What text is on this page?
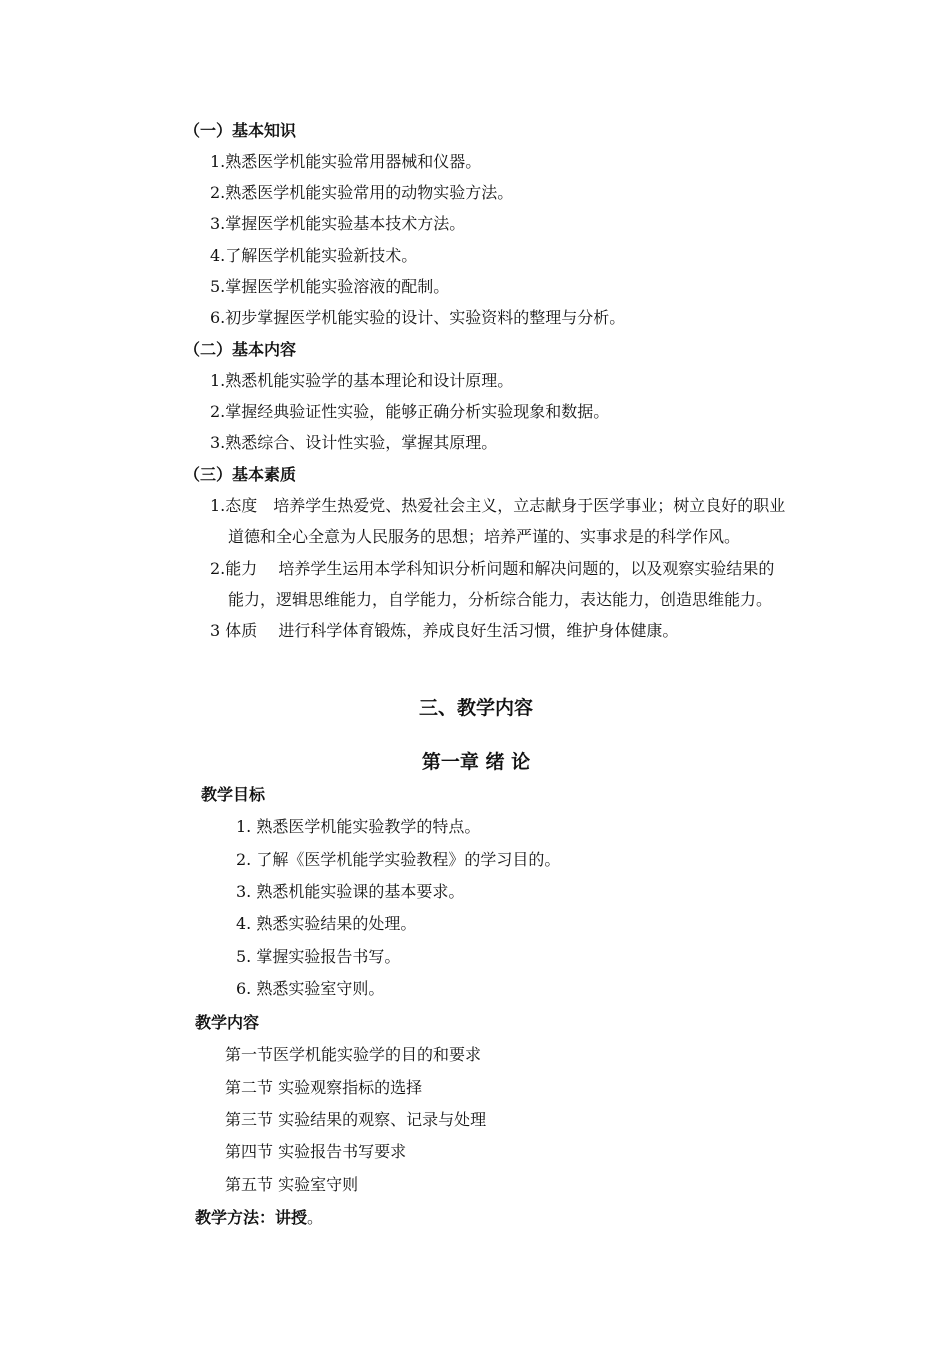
（一）基本知识
1.熟悉医学机能实验常用器械和仪器。
2.熟悉医学机能实验常用的动物实验方法。
3.掌握医学机能实验基本技术方法。
4.了解医学机能实验新技术。
5.掌握医学机能实验溶液的配制。
6.初步掌握医学机能实验的设计、实验资料的整理与分析。
（二）基本内容
1.熟悉机能实验学的基本理论和设计原理。
2.掌握经典验证性实验，能够正确分析实验现象和数据。
3.熟悉综合、设计性实验，掌握其原理。
（三）基本素质
1.态度　培养学生热爱党、热爱社会主义，立志献身于医学事业；树立良好的职业
道德和全心全意为人民服务的思想；培养严谨的、实事求是的科学作风。
2.能力　 培养学生运用本学科知识分析问题和解决问题的，以及观察实验结果的
能力，逻辑思维能力，自学能力，分析综合能力，表达能力，创造思维能力。
3 体质　 进行科学体育锻炼，养成良好生活习惯，维护身体健康。
三、教学内容
第一章 绪 论
教学目标
1. 熟悉医学机能实验教学的特点。
2. 了解《医学机能学实验教程》的学习目的。
3. 熟悉机能实验课的基本要求。
4. 熟悉实验结果的处理。
5. 掌握实验报告书写。
6. 熟悉实验室守则。
教学内容
第一节医学机能实验学的目的和要求
第二节 实验观察指标的选择
第三节 实验结果的观察、记录与处理
第四节 实验报告书写要求
第五节 实验室守则
教学方法：讲授。
